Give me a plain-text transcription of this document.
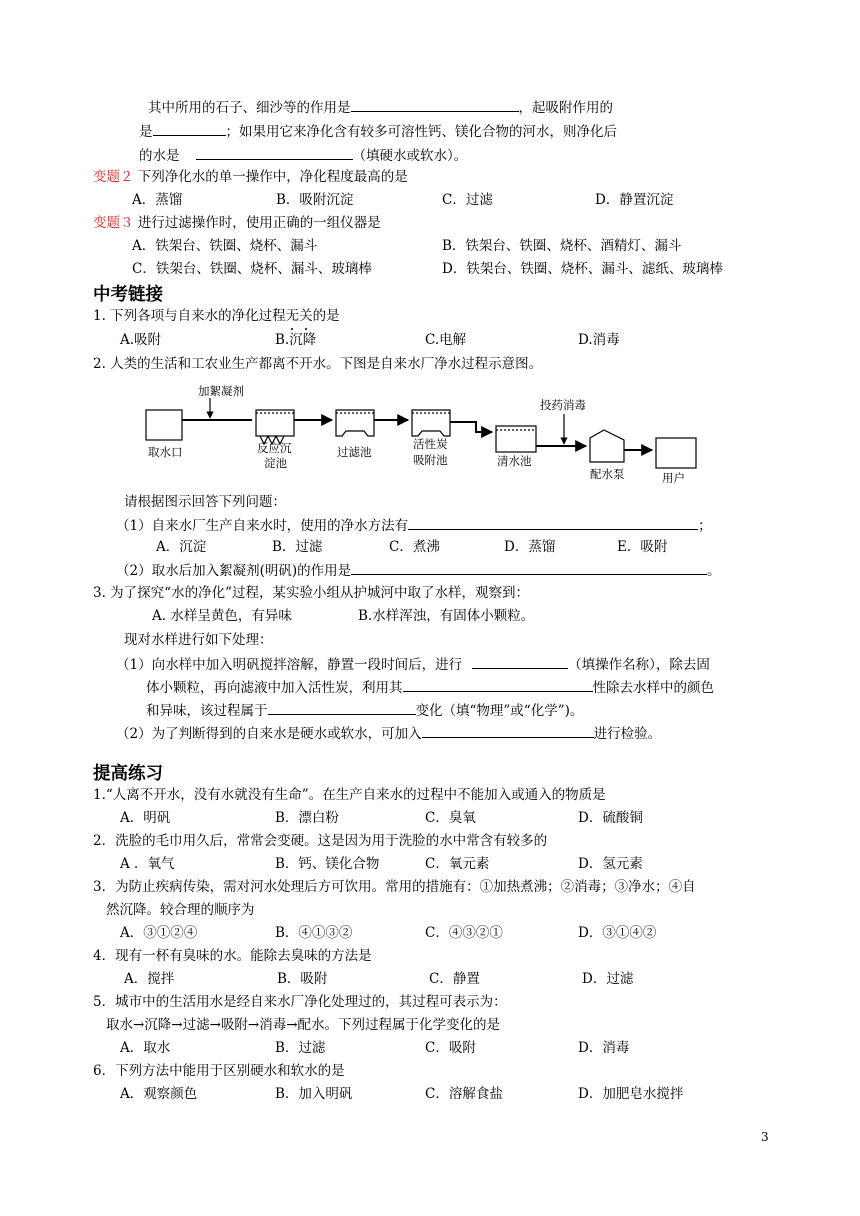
其中所用的石子、细沙等的作用是	，起吸附作用的
是	；如果用它来净化含有较多可溶性钙、镁化合物的河水，则净化后
的水是	（填硬水或软水）。
变题２ 下列净化水的单一操作中，净化程度最高的是
A．蒸馏	B．吸附沉淀	C．过滤	D．静置沉淀
变题３ 进行过滤操作时，使用正确的一组仪器是
A．铁架台、铁圈、烧杯、漏斗	B．铁架台、铁圈、烧杯、酒精灯、漏斗
C．铁架台、铁圈、烧杯、漏斗、玻璃棒	D．铁架台、铁圈、烧杯、漏斗、滤纸、玻璃棒
中考链接
1. 下列各项与自来水的净化过程无关的是
A.吸附	B.沉降	C.电解	D.消毒
2. 人类的生活和工农业生产都离不开水。下图是自来水厂净水过程示意图。
取水口
加絮凝剂
反应沉
淀池
过滤池
活性炭
吸附池	清水池
投药消毒
配水泵	用户
请根据图示回答下列问题：
（1）自来水厂生产自来水时，使用的净水方法有	；
A．沉淀	B．过滤	C．煮沸	D．蒸馏	E．吸附
（2）取水后加入絮凝剂(明矾)的作用是	。
3. 为了探究“水的净化”过程，某实验小组从护城河中取了水样，观察到：
A. 水样呈黄色，有异味	B.水样浑浊，有固体小颗粒。
现对水样进行如下处理：
（1）向水样中加入明矾搅拌溶解，静置一段时间后，进行	（填操作名称），除去固
体小颗粒，再向滤液中加入活性炭，利用其	性除去水样中的颜色
和异味，该过程属于	变化（填“物理”或“化学”)。
（2）为了判断得到的自来水是硬水或软水，可加入	进行检验。
提高练习
1.“人离不开水，没有水就没有生命”。在生产自来水的过程中不能加入或通入的物质是
A．明矾	B．漂白粉	C．臭氧	D．硫酸铜
2．洗脸的毛巾用久后，常常会变硬。这是因为用于洗脸的水中常含有较多的
A ．氧气	B．钙、镁化合物	C．氧元素	D．氢元素
3．为防止疾病传染，需对河水处理后方可饮用。常用的措施有：①加热煮沸；②消毒；③净水；④自
然沉降。较合理的顺序为
A．③①②④	B．④①③②	C．④③②①	D．③①④②
4．现有一杯有臭味的水。能除去臭味的方法是
A．搅拌	B．吸附	C．静置	D．过滤
5．城市中的生活用水是经自来水厂净化处理过的，其过程可表示为：
取水→沉降→过滤→吸附→消毒→配水。下列过程属于化学变化的是
A．取水	B．过滤	C．吸附	D．消毒
6．下列方法中能用于区别硬水和软水的是
A．观察颜色	B．加入明矾	C．溶解食盐	D．加肥皂水搅拌
3
